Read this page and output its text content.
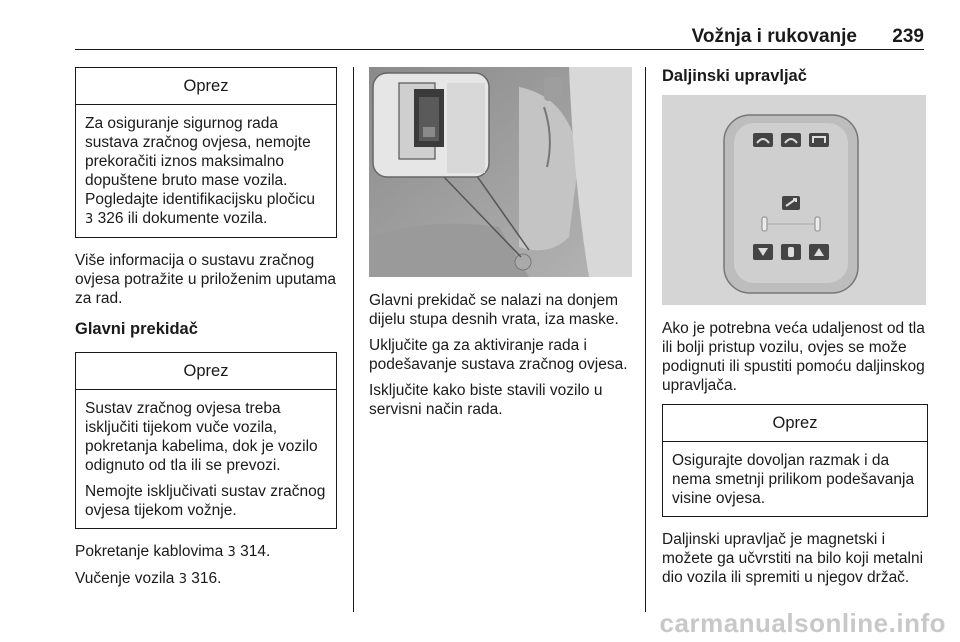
Vožnja i rukovanje 239
Oprez

Za osiguranje sigurnog rada sustava zračnog ovjesa, nemojte prekoračiti iznos maksimalno dopuštene bruto mase vozila. Pogledajte identifikacijsku pločicu
3 326 ili dokumente vozila.

Više informacija o sustavu zračnog ovjesa potražite u priloženim uputama za rad.

Glavni prekidač
Oprez

Sustav zračnog ovjesa treba isključiti tijekom vuče vozila, pokretanja kabelima, dok je vozilo odignuto od tla ili se prevozi.

Nemojte isključivati sustav zračnog ovjesa tijekom vožnje.

Pokretanje kablovima 3 314.

Vučenje vozila 3 316.

Glavni prekidač se nalazi na donjem dijelu stupa desnih vrata, iza maske.

Uključite ga za aktiviranje rada i podešavanje sustava zračnog ovjesa.

Isključite kako biste stavili vozilo u servisni način rada.

Daljinski upravljač

Ako je potrebna veća udaljenost od tla ili bolji pristup vozilu, ovjes se može podignuti ili spustiti pomoću daljinskog upravljača.

Oprez

Osigurajte dovoljan razmak i da nema smetnji prilikom podešavanja visine ovjesa.

Daljinski upravljač je magnetski i možete ga učvrstiti na bilo koji metalni dio vozila ili spremiti u njegov držač.

carmanualsonline.info
